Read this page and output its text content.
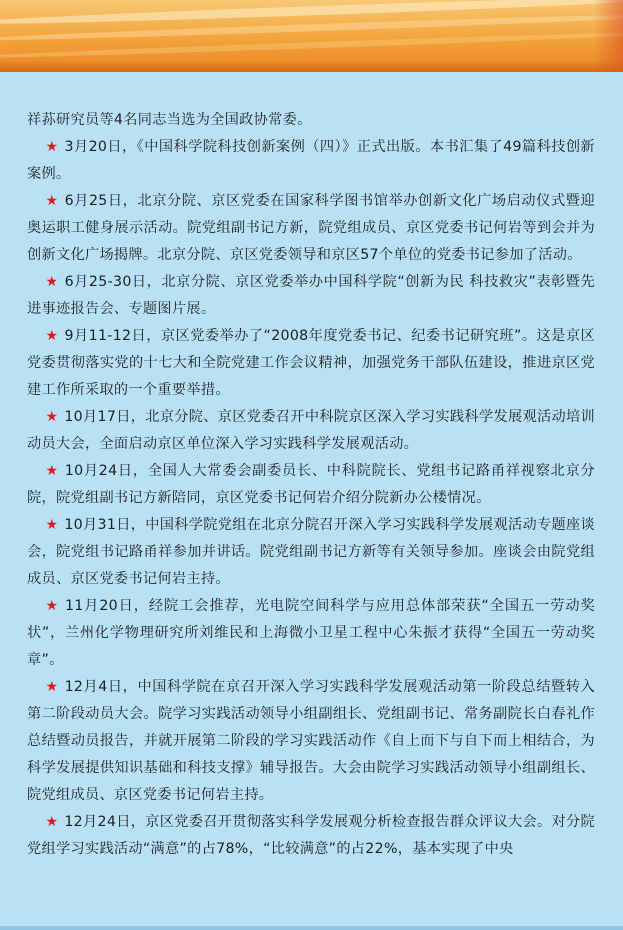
祥荪研究员等4名同志当选为全国政协常委。

★ 3月20日，《中国科学院科技创新案例（四）》正式出版。本书汇集了49篇科技创新案例。

★ 6月25日，北京分院、京区党委在国家科学图书馆举办创新文化广场启动仪式暨迎奥运职工健身展示活动。院党组副书记方新，院党组成员、京区党委书记何岩等到会并为创新文化广场揭牌。北京分院、京区党委领导和京区57个单位的党委书记参加了活动。

★ 6月25-30日，北京分院、京区党委举办中国科学院“创新为民 科技救灾”表彰暨先进事迹报告会、专题图片展。

★ 9月11-12日，京区党委举办了“2008年度党委书记、纪委书记研究班”。这是京区党委贯彻落实党的十七大和全院党建工作会议精神，加强党务干部队伍建设，推进京区党建工作所采取的一个重要举措。

★ 10月17日，北京分院、京区党委召开中科院京区深入学习实践科学发展观活动培训动员大会，全面启动京区单位深入学习实践科学发展观活动。

★ 10月24日，全国人大常委会副委员长、中科院院长、党组书记路甬祥视察北京分院，院党组副书记方新陪同，京区党委书记何岩介绍分院新办公楼情况。

★ 10月31日，中国科学院党组在北京分院召开深入学习实践科学发展观活动专题座谈会，院党组书记路甬祥参加并讲话。院党组副书记方新等有关领导参加。座谈会由院党组成员、京区党委书记何岩主持。

★ 11月20日，经院工会推荐，光电院空间科学与应用总体部荣获“全国五一劳动奖状”，兰州化学物理研究所刘维民和上海微小卫星工程中心朱振才获得“全国五一劳动奖章”。

★ 12月4日，中国科学院在京召开深入学习实践科学发展观活动第一阶段总结暨转入第二阶段动员大会。院学习实践活动领导小组副组长、党组副书记、常务副院长白春礼作总结暨动员报告，并就开展第二阶段的学习实践活动作《自上而下与自下而上相结合，为科学发展提供知识基础和科技支撑》辅导报告。大会由院学习实践活动领导小组副组长、院党组成员、京区党委书记何岩主持。

★ 12月24日，京区党委召开贯彻落实科学发展观分析检查报告群众评议大会。对分院党组学习实践活动“满意”的占78%，“比较满意”的占22%，基本实现了中央
